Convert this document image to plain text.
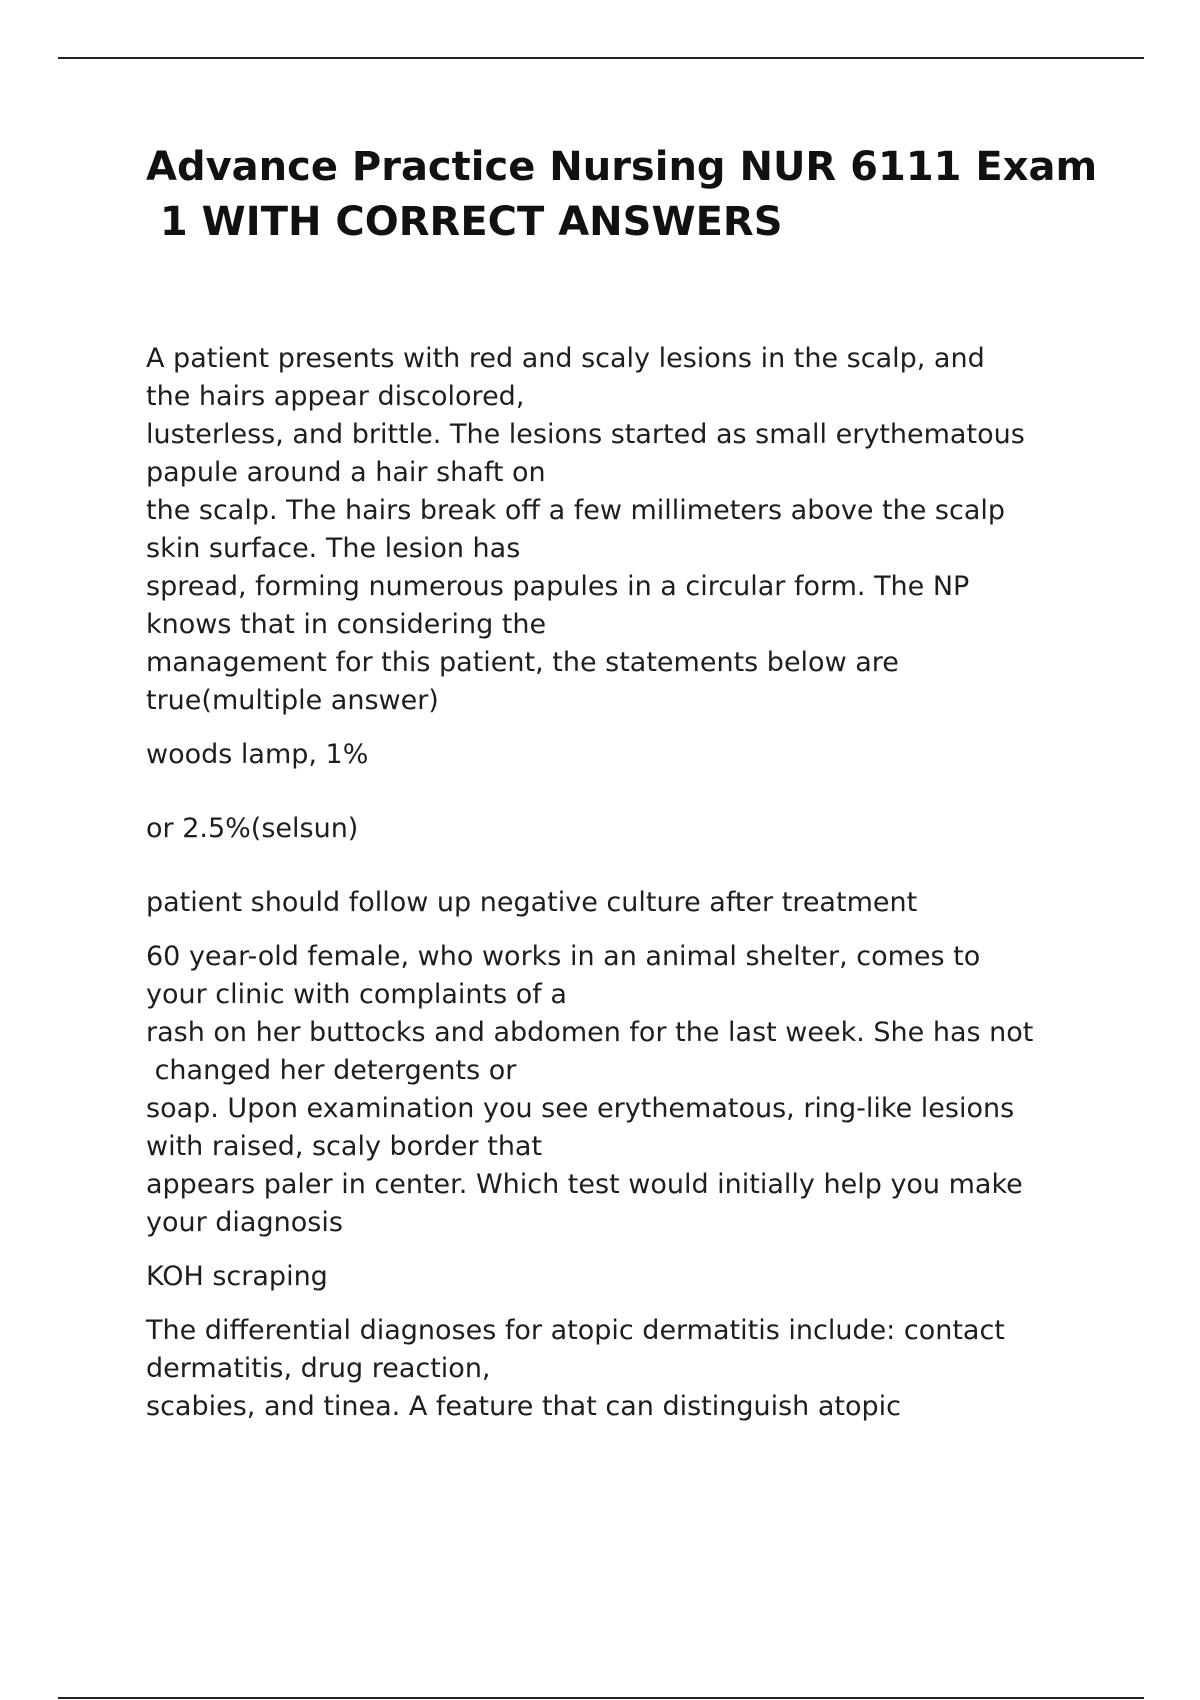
Advance Practice Nursing NUR 6111 Exam
1 WITH CORRECT ANSWERS

A patient presents with red and scaly lesions in the scalp, and
the hairs appear discolored,
lusterless, and brittle. The lesions started as small erythematous
papule around a hair shaft on
the scalp. The hairs break off a few millimeters above the scalp
skin surface. The lesion has
spread, forming numerous papules in a circular form. The NP
knows that in considering the
management for this patient, the statements below are
true(multiple answer)

woods lamp, 1%

or 2.5%(selsun)

patient should follow up negative culture after treatment

60 year-old female, who works in an animal shelter, comes to
your clinic with complaints of a
rash on her buttocks and abdomen for the last week. She has not
changed her detergents or
soap. Upon examination you see erythematous, ring-like lesions
with raised, scaly border that
appears paler in center. Which test would initially help you make
your diagnosis

KOH scraping

The differential diagnoses for atopic dermatitis include: contact
dermatitis, drug reaction,
scabies, and tinea. A feature that can distinguish atopic
